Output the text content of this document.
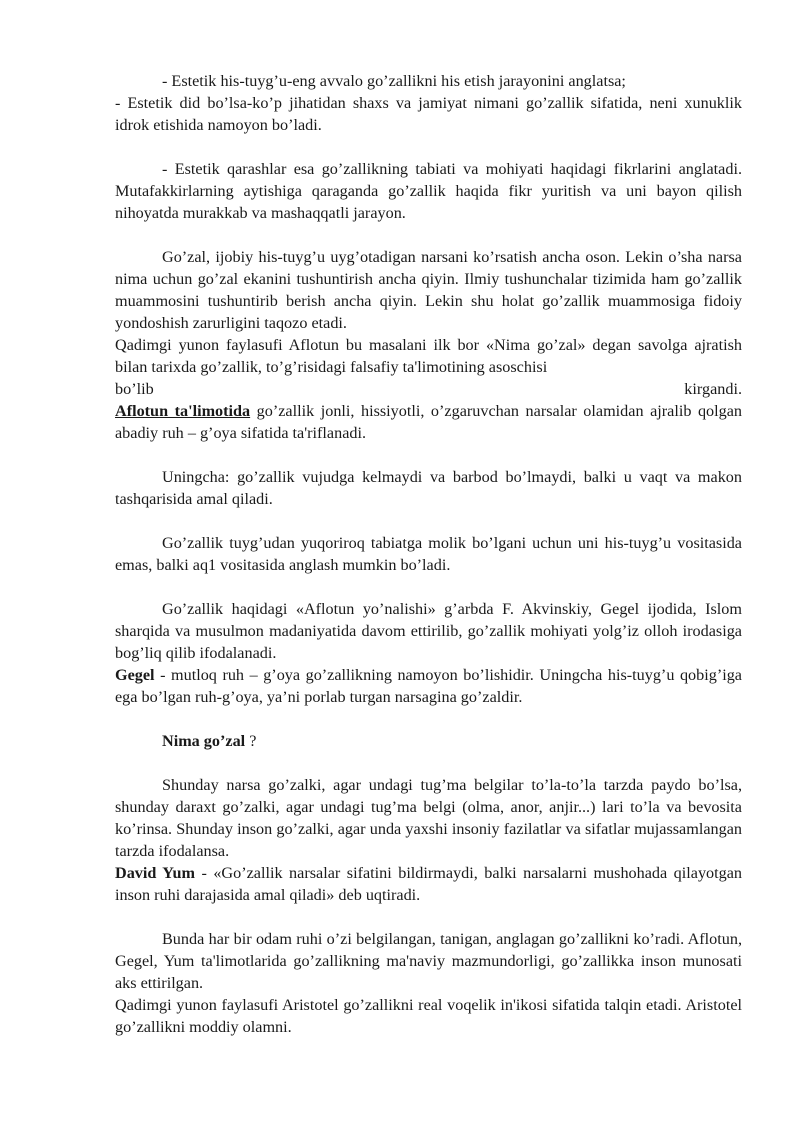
- Estetik his-tuyg’u-eng avvalo go’zallikni his etish jarayonini anglatsa;

- Estetik did bo’lsa-ko’p jihatidan shaxs va jamiyat nimani go’zallik sifatida, neni xunuklik idrok etishida namoyon bo’ladi.

- Estetik qarashlar esa go’zallikning tabiati va mohiyati haqidagi fikrlarini anglatadi. Mutafakkirlarning aytishiga qaraganda go’zallik haqida fikr yuritish va uni bayon qilish nihoyatda murakkab va mashaqqatli jarayon.

Go’zal, ijobiy his-tuyg’u uyg’otadigan narsani ko’rsatish ancha oson. Lekin o’sha narsa nima uchun go’zal ekanini tushuntirish ancha qiyin. Ilmiy tushunchalar tizimida ham go’zallik muammosini tushuntirib berish ancha qiyin. Lekin shu holat go’zallik muammosiga fidoiy yondoshish zarurligini taqozo etadi.

Qadimgi yunon faylasufi Aflotun bu masalani ilk bor «Nima go’zal» degan savolga ajratish bilan tarixda go’zallik, to’g’risidagi falsafiy ta'limotining asoschisi

bo’lib	kirgandi.

Aflotun ta'limotida go’zallik jonli, hissiyotli, o’zgaruvchan narsalar olamidan ajralib qolgan abadiy ruh – g’oya sifatida ta'riflanadi.

Uningcha: go’zallik vujudga kelmaydi va barbod bo’lmaydi, balki u vaqt va makon tashqarisida amal qiladi.

Go’zallik tuyg’udan yuqoriroq tabiatga molik bo’lgani uchun uni his-tuyg’u vositasida emas, balki aq1 vositasida anglash mumkin bo’ladi.

Go’zallik haqidagi «Aflotun yo’nalishi» g’arbda F. Akvinskiy, Gegel ijodida, Islom sharqida va musulmon madaniyatida davom ettirilib, go’zallik mohiyati yolg’iz olloh irodasiga bog’liq qilib ifodalanadi.

Gegel - mutloq ruh – g’oya go’zallikning namoyon bo’lishidir. Uningcha his-tuyg’u qobig’iga ega bo’lgan ruh-g’oya, ya’ni porlab turgan narsagina go’zaldir.

Nima go’zal ?

Shunday narsa go’zalki, agar undagi tug’ma belgilar to’la-to’la tarzda paydo bo’lsa, shunday daraxt go’zalki, agar undagi tug’ma belgi (olma, anor, anjir...) lari to’la va bevosita ko’rinsa. Shunday inson go’zalki, agar unda yaxshi insoniy fazilatlar va sifatlar mujassamlangan tarzda ifodalansa.

David Yum - «Go’zallik narsalar sifatini bildirmaydi, balki narsalarni mushohada qilayotgan inson ruhi darajasida amal qiladi» deb uqtiradi.

Bunda har bir odam ruhi o’zi belgilangan, tanigan, anglagan go’zallikni ko’radi. Aflotun, Gegel, Yum ta'limotlarida go’zallikning ma'naviy mazmundorligi, go’zallikka inson munosati aks ettirilgan.

Qadimgi yunon faylasufi Aristotel go’zallikni real voqelik in'ikosi sifatida talqin etadi. Aristotel go’zallikni moddiy olamni.
